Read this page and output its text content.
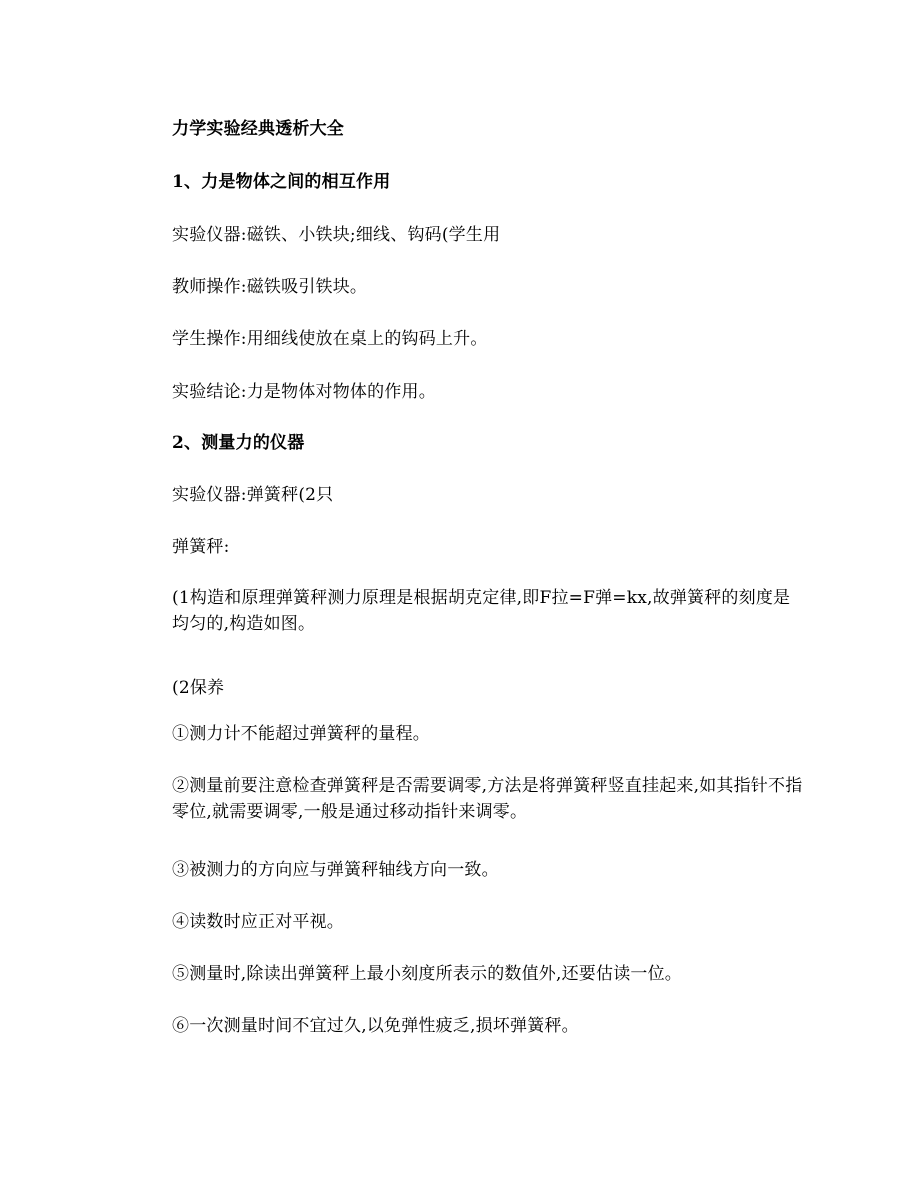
力学实验经典透析大全

1、力是物体之间的相互作用

实验仪器:磁铁、小铁块;细线、钩码(学生用

教师操作:磁铁吸引铁块。

学生操作:用细线使放在桌上的钩码上升。

实验结论:力是物体对物体的作用。

2、测量力的仪器

实验仪器:弹簧秤(2只

弹簧秤:

(1构造和原理弹簧秤测力原理是根据胡克定律,即F拉=F弹=kx,故弹簧秤的刻度是均匀的,构造如图。

(2保养

①测力计不能超过弹簧秤的量程。

②测量前要注意检查弹簧秤是否需要调零,方法是将弹簧秤竖直挂起来,如其指针不指零位,就需要调零,一般是通过移动指针来调零。

③被测力的方向应与弹簧秤轴线方向一致。

④读数时应正对平视。

⑤测量时,除读出弹簧秤上最小刻度所表示的数值外,还要估读一位。

⑥一次测量时间不宜过久,以免弹性疲乏,损坏弹簧秤。
